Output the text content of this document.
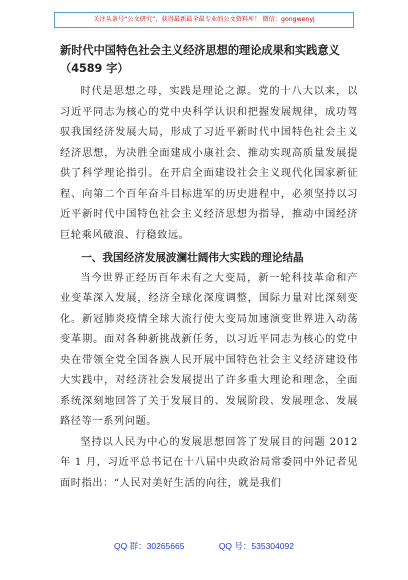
关注头条号“公文研究”，获得最新最全最专业的公文资料库！ 微信：gongwenyj

新时代中国特色社会主义经济思想的理论成果和实践意义

（4589 字）

时代是思想之母，实践是理论之源。党的十八大以来，以习近平同志为核心的党中央科学认识和把握发展规律，成功驾驭我国经济发展大局，形成了习近平新时代中国特色社会主义经济思想，为决胜全面建成小康社会、推动实现高质量发展提供了科学理论指引。在开启全面建设社会主义现代化国家新征程、向第二个百年奋斗目标进军的历史进程中，必须坚持以习近平新时代中国特色社会主义经济思想为指导，推动中国经济巨轮乘风破浪、行稳致远。

一、我国经济发展波澜壮阔伟大实践的理论结晶

当今世界正经历百年未有之大变局，新一轮科技革命和产业变革深入发展，经济全球化深度调整，国际力量对比深刻变化。新冠肺炎疫情全球大流行使大变局加速演变世界进入动荡变革期。面对各种新挑战新任务，以习近平同志为核心的党中央在带领全党全国各族人民开展中国特色社会主义经济建设伟大实践中，对经济社会发展提出了许多重大理论和理念，全面系统深刻地回答了关于发展目的、发展阶段、发展理念、发展路径等一系列问题。

坚持以人民为中心的发展思想回答了发展目的问题 2012 年 1 月，习近平总书记在十八届中央政治局常委同中外记者见面时指出：“人民对美好生活的向往，就是我们

QQ 群：30265665	QQ 号：535304092
